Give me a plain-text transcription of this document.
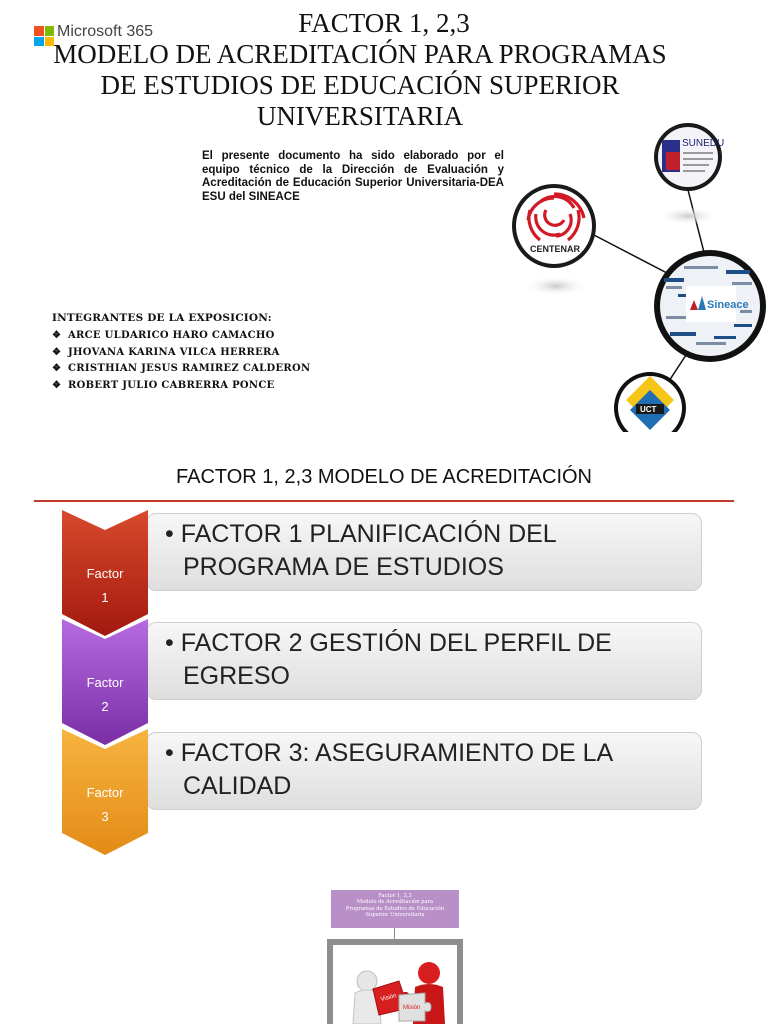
Microsoft 365	FACTOR 1, 2,3
MODELO DE ACREDITACIÓN PARA PROGRAMAS
DE ESTUDIOS DE EDUCACIÓN SUPERIOR
UNIVERSITARIA
El presente documento ha sido elaborado por el equipo técnico de la Dirección de Evaluación y Acreditación de Educación Superior Universitaria-DEA ESU del SINEACE
INTEGRANTES DE LA EXPOSICION:
❖ ARCE ULDARICO HARO CAMACHO
❖ JHOVANA KARINA VILCA HERRERA
❖ CRISTHIAN JESUS RAMIREZ CALDERON
❖ ROBERT JULIO CABRERRA PONCE
SUNEDU
CENTENAR
Sineace
UCT
FACTOR 1, 2,3 MODELO DE ACREDITACIÓN
• FACTOR 1 PLANIFICACIÓN DEL
PROGRAMA DE ESTUDIOS
Factor
1
• FACTOR 2 GESTIÓN DEL PERFIL DE
EGRESO
Factor
2
• FACTOR 3: ASEGURAMIENTO DE LA
CALIDAD
Factor
3
Factor 1, 2,3
Modelo de Acreditación para
Programas de Estudios de Educación
Superior Universitaria
Visión
Misión
